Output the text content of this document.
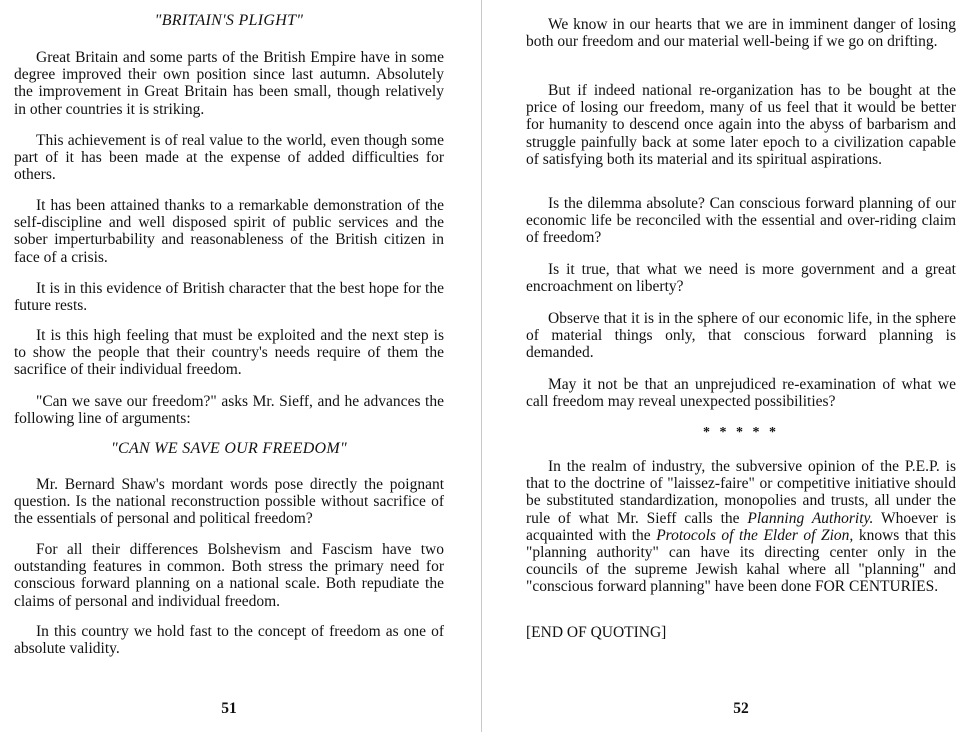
"BRITAIN'S PLIGHT"

Great Britain and some parts of the British Empire have in some degree improved their own position since last autumn. Absolutely the improvement in Great Britain has been small, though relatively in other countries it is striking.

This achievement is of real value to the world, even though some part of it has been made at the expense of added difficulties for others.

It has been attained thanks to a remarkable demonstration of the self-discipline and well disposed spirit of public services and the sober imperturbability and reasonableness of the British citizen in face of a crisis.

It is in this evidence of British character that the best hope for the future rests.

It is this high feeling that must be exploited and the next step is to show the people that their country's needs require of them the sacrifice of their individual freedom.

"Can we save our freedom?" asks Mr. Sieff, and he advances the following line of arguments:

"CAN WE SAVE OUR FREEDOM"

Mr. Bernard Shaw's mordant words pose directly the poignant question. Is the national reconstruction possible without sacrifice of the essentials of personal and political freedom?

For all their differences Bolshevism and Fascism have two outstanding features in common. Both stress the primary need for conscious forward planning on a national scale. Both repudiate the claims of personal and individual freedom.

In this country we hold fast to the concept of freedom as one of absolute validity.

51

We know in our hearts that we are in imminent danger of losing both our freedom and our material well-being if we go on drifting.

But if indeed national re-organization has to be bought at the price of losing our freedom, many of us feel that it would be better for humanity to descend once again into the abyss of barbarism and struggle painfully back at some later epoch to a civilization capable of satisfying both its material and its spiritual aspirations.

Is the dilemma absolute? Can conscious forward planning of our economic life be reconciled with the essential and over-riding claim of freedom?

Is it true, that what we need is more government and a great encroachment on liberty?

Observe that it is in the sphere of our economic life, in the sphere of material things only, that conscious forward planning is demanded.

May it not be that an unprejudiced re-examination of what we call freedom may reveal unexpected possibilities?

* * * * *

In the realm of industry, the subversive opinion of the P.E.P. is that to the doctrine of "laissez-faire" or competitive initiative should be substituted standardization, monopolies and trusts, all under the rule of what Mr. Sieff calls the Planning Authority. Whoever is acquainted with the Protocols of the Elder of Zion, knows that this "planning authority" can have its directing center only in the councils of the supreme Jewish kahal where all "planning" and "conscious forward planning" have been done FOR CENTURIES.

[END OF QUOTING]

52
